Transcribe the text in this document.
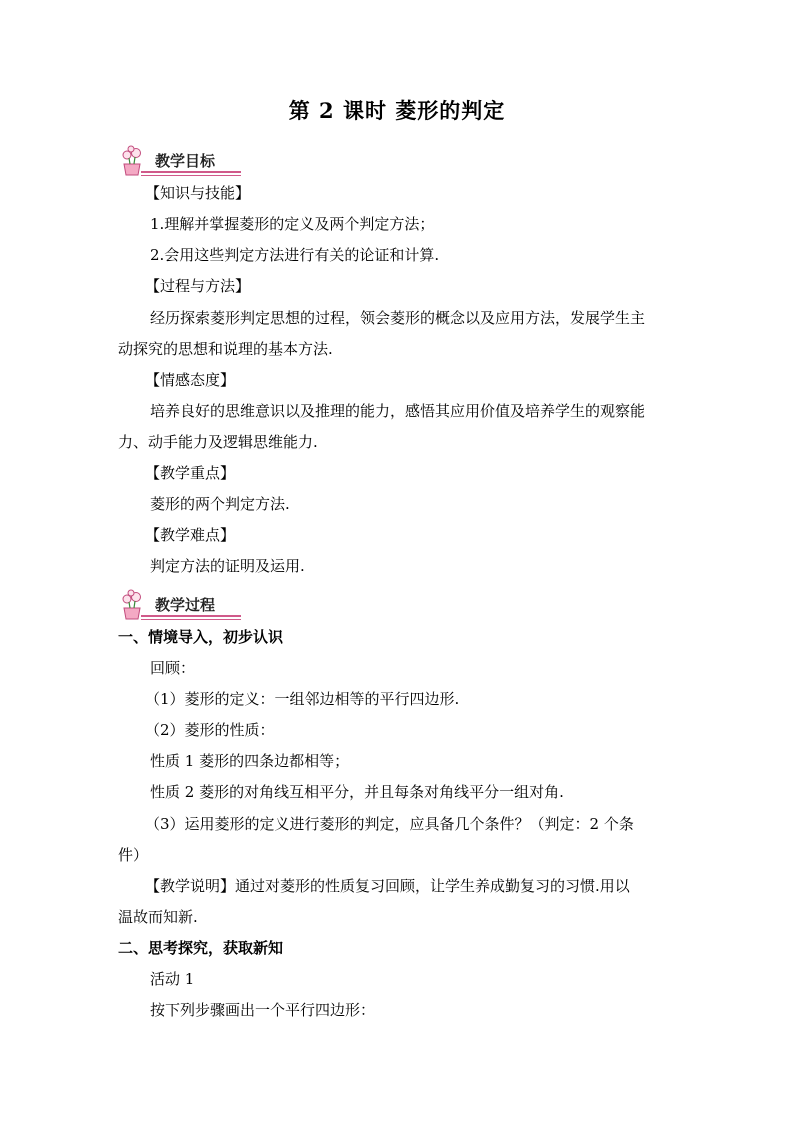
第 2 课时 菱形的判定
教学目标
【知识与技能】
1.理解并掌握菱形的定义及两个判定方法；
2.会用这些判定方法进行有关的论证和计算.
【过程与方法】
经历探索菱形判定思想的过程，领会菱形的概念以及应用方法，发展学生主
动探究的思想和说理的基本方法.
【情感态度】
培养良好的思维意识以及推理的能力，感悟其应用价值及培养学生的观察能
力、动手能力及逻辑思维能力.
【教学重点】
菱形的两个判定方法.
【教学难点】
判定方法的证明及运用.
教学过程
一、情境导入，初步认识
回顾：
（1）菱形的定义：一组邻边相等的平行四边形.
（2）菱形的性质：
性质 1 菱形的四条边都相等；
性质 2 菱形的对角线互相平分，并且每条对角线平分一组对角.
（3）运用菱形的定义进行菱形的判定，应具备几个条件？（判定：2 个条
件）
【教学说明】通过对菱形的性质复习回顾，让学生养成勤复习的习惯.用以
温故而知新.
二、思考探究，获取新知
活动 1
按下列步骤画出一个平行四边形：
